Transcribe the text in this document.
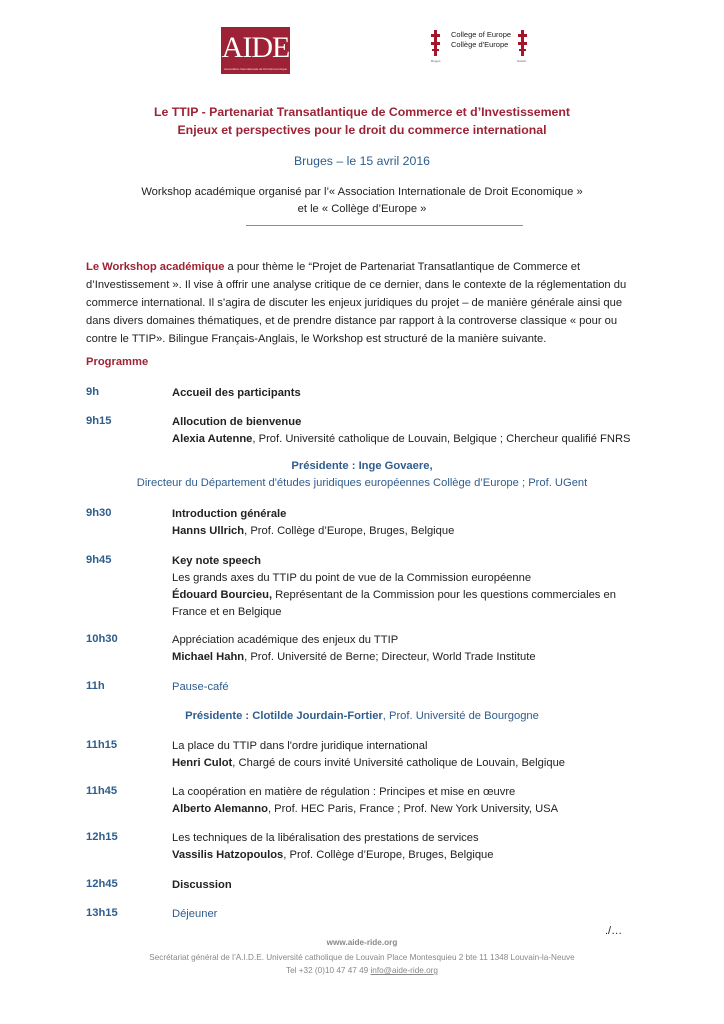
AIDE
Association Internationale de Droit Economique
College of Europe
Collège d'Europe
Bruges	Natolin
Le TTIP - Partenariat Transatlantique de Commerce et d’Investissement
Enjeux et perspectives pour le droit du commerce international
Bruges – le 15 avril 2016
Workshop académique organisé par l’« Association Internationale de Droit Economique »
et le « Collège d’Europe »
Le Workshop académique a pour thème le “Projet de Partenariat Transatlantique de Commerce et d’Investissement ». Il vise à offrir une analyse critique de ce dernier, dans le contexte de la réglementation du commerce international. Il s’agira de discuter les enjeux juridiques du projet – de manière générale ainsi que dans divers domaines thématiques, et de prendre distance par rapport à la controverse classique « pour ou contre le TTIP». Bilingue Français-Anglais, le Workshop est structuré de la manière suivante.
Programme
9h	Accueil des participants
9h15	Allocution de bienvenue
Alexia Autenne, Prof. Université catholique de Louvain, Belgique ; Chercheur qualifié FNRS
Présidente : Inge Govaere,
Directeur du Département d'études juridiques européennes Collège d’Europe ; Prof. UGent
9h30	Introduction générale
Hanns Ullrich, Prof. Collège d’Europe, Bruges, Belgique
9h45	Key note speech
Les grands axes du TTIP du point de vue de la Commission européenne
Édouard Bourcieu, Représentant de la Commission pour les questions commerciales en France et en Belgique
10h30	Appréciation académique des enjeux du TTIP
Michael Hahn, Prof. Université de Berne; Directeur, World Trade Institute
11h	Pause-café
Présidente : Clotilde Jourdain-Fortier, Prof. Université de Bourgogne
11h15	La place du TTIP dans l'ordre juridique international
Henri Culot, Chargé de cours invité Université catholique de Louvain, Belgique
11h45	La coopération en matière de régulation : Principes et mise en œuvre
Alberto Alemanno, Prof. HEC Paris, France ; Prof. New York University, USA
12h15	Les techniques de la libéralisation des prestations de services
Vassilis Hatzopoulos, Prof. Collège d’Europe, Bruges, Belgique
12h45	Discussion
13h15	Déjeuner
./…
www.aide-ride.org
Secrétariat général de l’A.I.D.E. Université catholique de Louvain Place Montesquieu 2 bte 11 1348 Louvain-la-Neuve
Tel +32 (0)10 47 47 49 info@aide-ride.org
